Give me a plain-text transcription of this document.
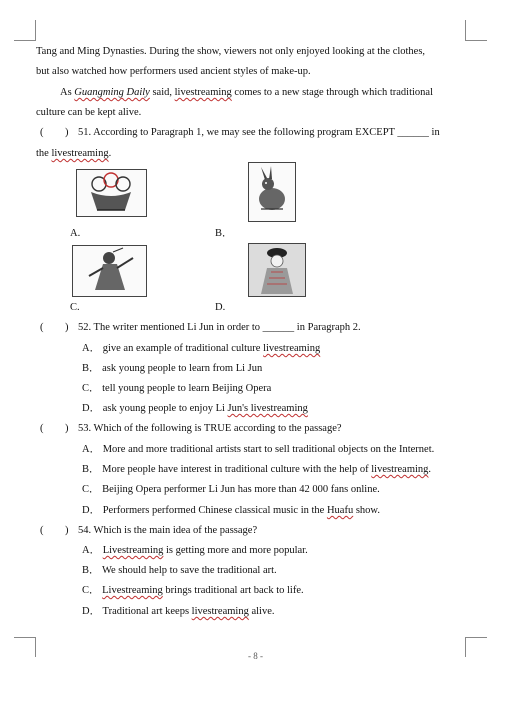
Tang and Ming Dynasties. During the show, viewers not only enjoyed looking at the clothes,
but also watched how performers used ancient styles of make-up.
As Guangming Daily said, livestreaming comes to a new stage through which traditional
culture can be kept alive.
( ) 51. According to Paragraph 1, we may see the following program EXCEPT ______ in
the livestreaming.
A.	B．
C.	D.
( ) 52. The writer mentioned Li Jun in order to ______ in Paragraph 2.
A． give an example of traditional culture livestreaming
B． ask young people to learn from Li Jun
C． tell young people to learn Beijing Opera
D． ask young people to enjoy Li Jun's livestreaming
( ) 53. Which of the following is TRUE according to the passage?
A． More and more traditional artists start to sell traditional objects on the Internet.
B． More people have interest in traditional culture with the help of livestreaming.
C． Beijing Opera performer Li Jun has more than 42 000 fans online.
D． Performers performed Chinese classical music in the Huafu show.
( ) 54. Which is the main idea of the passage?
A． Livestreaming is getting more and more popular.
B． We should help to save the traditional art.
C． Livestreaming brings traditional art back to life.
D． Traditional art keeps livestreaming alive.
- 8 -
